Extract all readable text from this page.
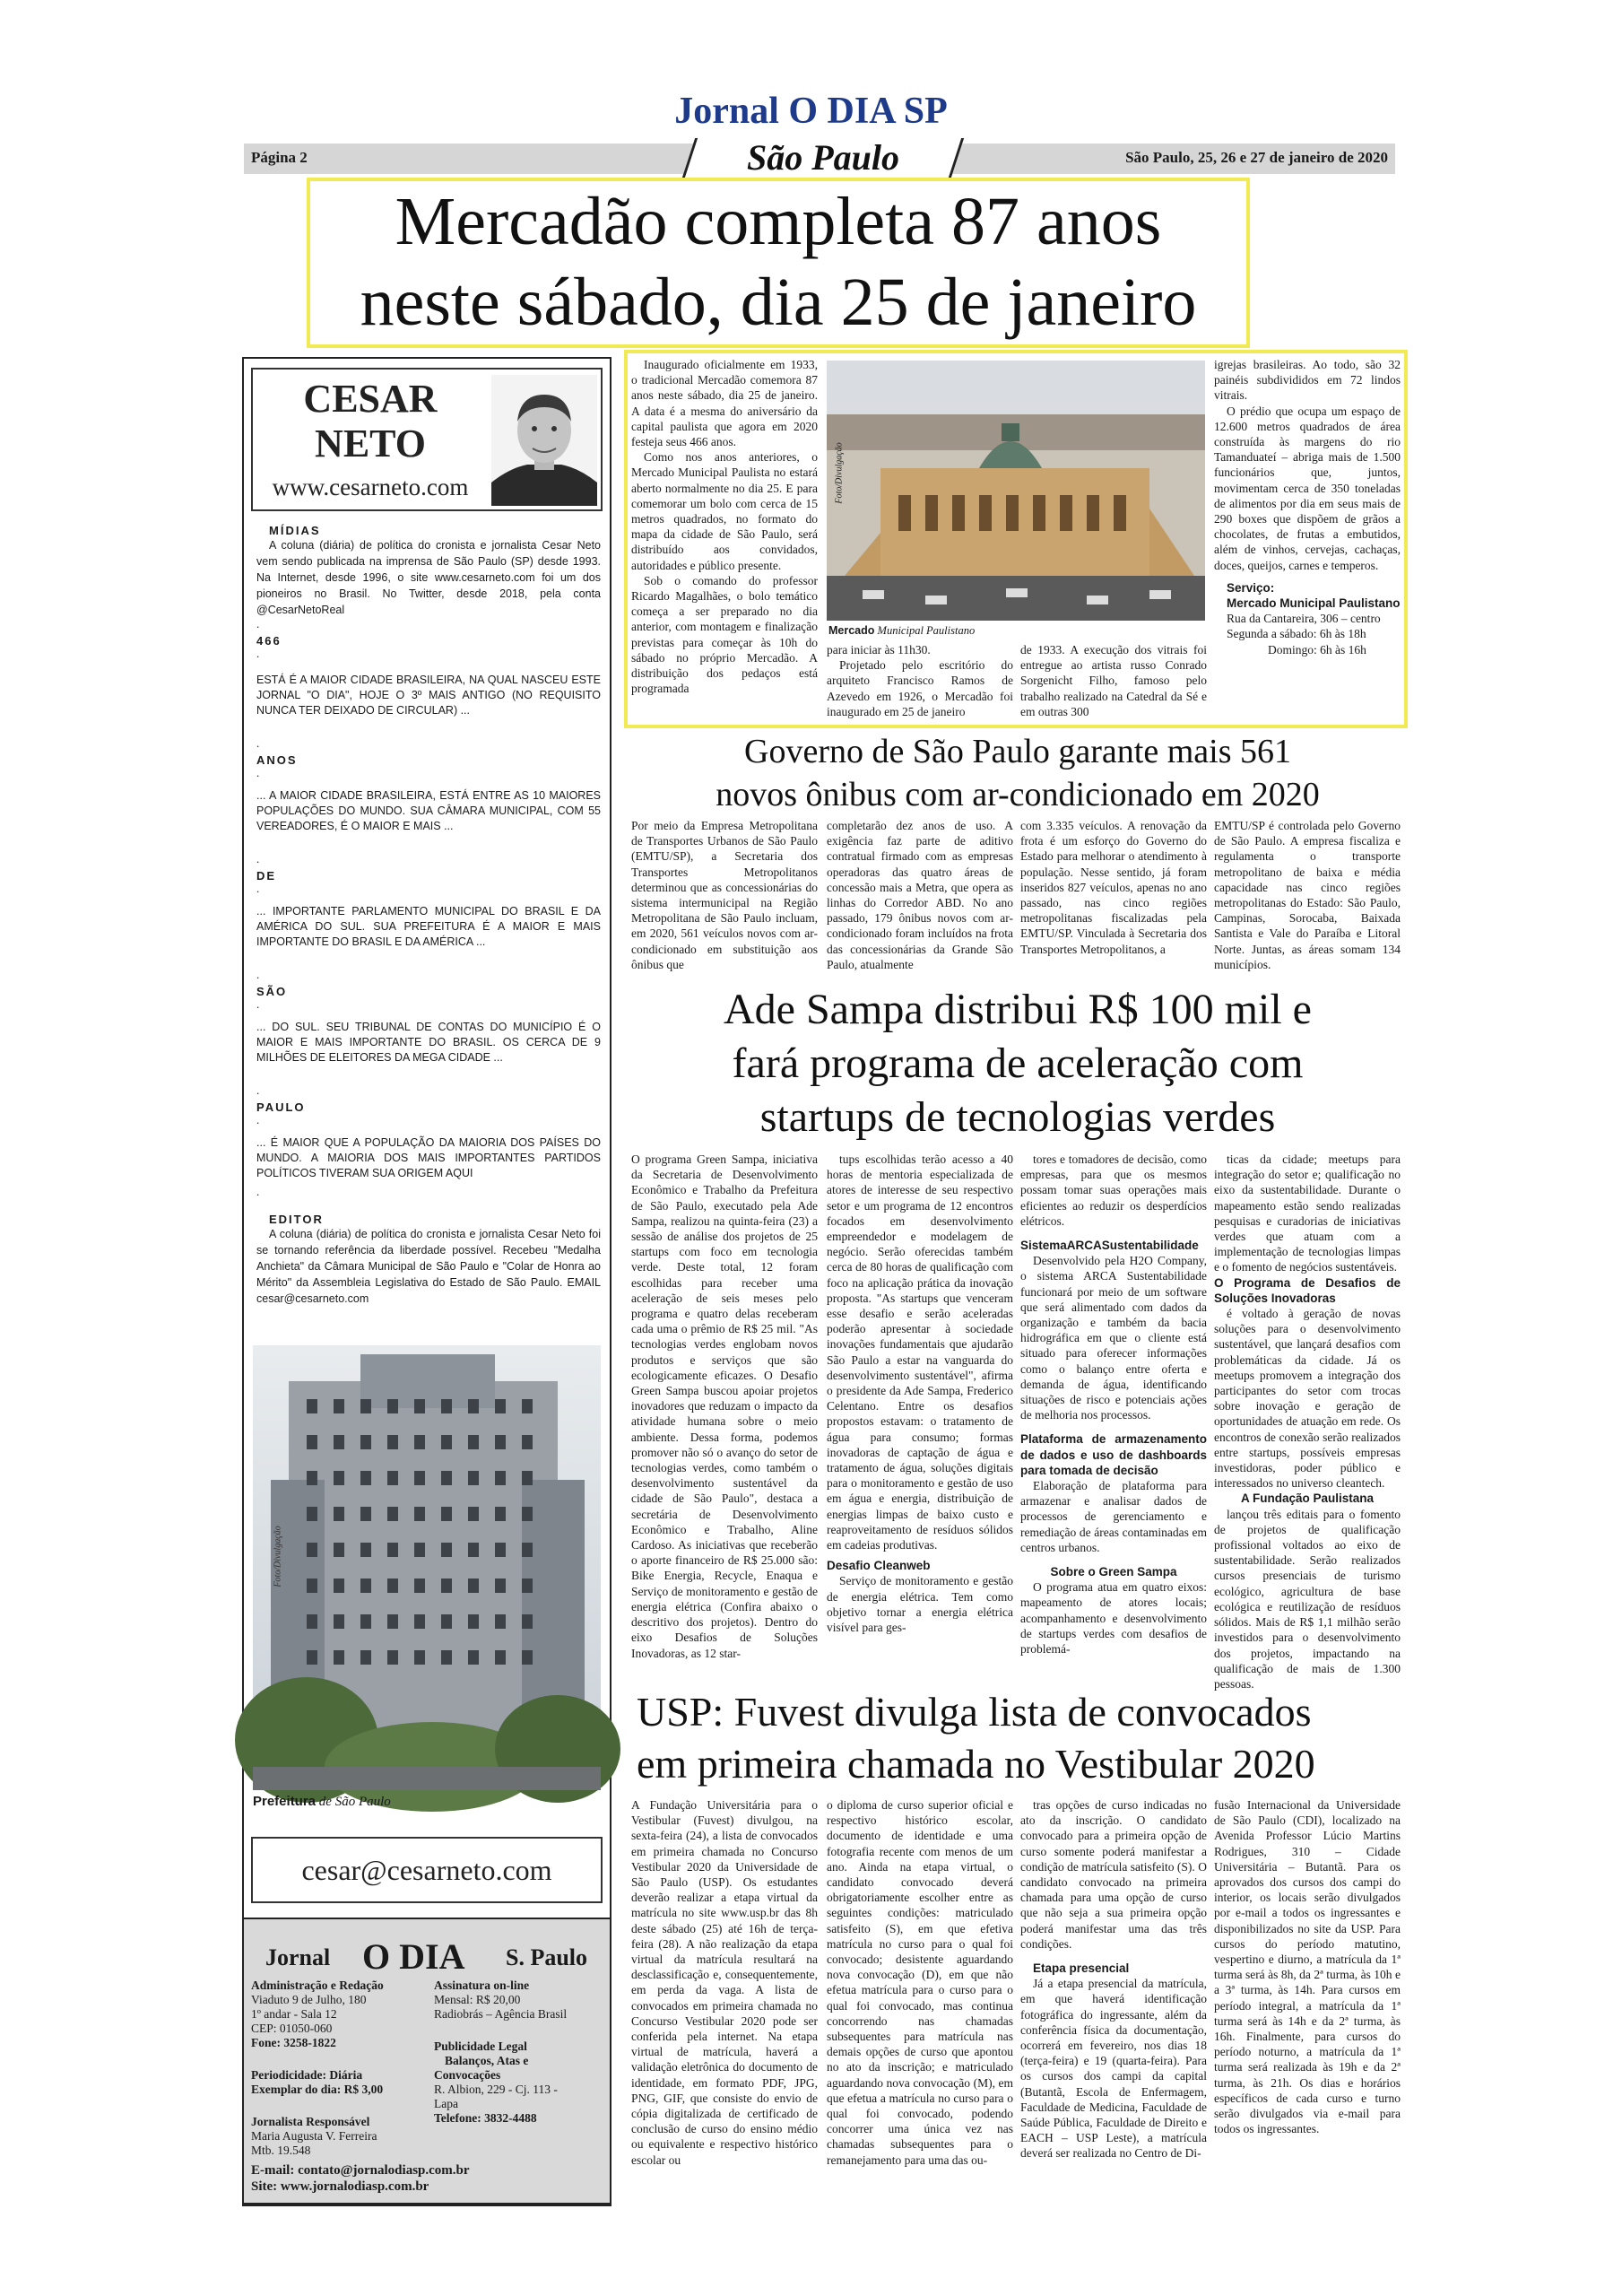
Jornal O DIA SP
Página 2	São Paulo, 25, 26 e 27 de janeiro de 2020
São Paulo
Mercadão completa 87 anos
neste sábado, dia 25 de janeiro
CESAR
NETO
www.cesarneto.com
MÍDIAS

A coluna (diária) de política do cronista e jornalista Cesar Neto vem sendo publicada na imprensa de São Paulo (SP) desde 1993. Na Internet, desde 1996, o site www.cesarneto.com foi um dos pioneiros no Brasil. No Twitter, desde 2018, pela conta @CesarNetoReal

.
466
.

ESTÁ É A MAIOR CIDADE BRASILEIRA, NA QUAL NASCEU ESTE JORNAL "O DIA", HOJE O 3º MAIS ANTIGO (NO REQUISITO NUNCA TER DEIXADO DE CIRCULAR) ...

.
ANOS
.

... A MAIOR CIDADE BRASILEIRA, ESTÁ ENTRE AS 10 MAIORES POPULAÇÕES DO MUNDO. SUA CÂMARA MUNICIPAL, COM 55 VEREADORES, É O MAIOR E MAIS ...

.
DE
.

... IMPORTANTE PARLAMENTO MUNICIPAL DO BRASIL E DA AMÉRICA DO SUL. SUA PREFEITURA É A MAIOR E MAIS IMPORTANTE DO BRASIL E DA AMÉRICA ...

.
SÃO
.

... DO SUL. SEU TRIBUNAL DE CONTAS DO MUNICÍPIO É O MAIOR E MAIS IMPORTANTE DO BRASIL. OS CERCA DE 9 MILHÕES DE ELEITORES DA MEGA CIDADE ...

.
PAULO
.

... É MAIOR QUE A POPULAÇÃO DA MAIORIA DOS PAÍSES DO MUNDO. A MAIORIA DOS MAIS IMPORTANTES PARTIDOS POLÍTICOS TIVERAM SUA ORIGEM AQUI

.
EDITOR

A coluna (diária) de política do cronista e jornalista Cesar Neto foi se tornando referência da liberdade possível. Recebeu "Medalha Anchieta" da Câmara Municipal de São Paulo e "Colar de Honra ao Mérito" da Assembleia Legislativa do Estado de São Paulo. EMAIL cesar@cesarneto.com

Foto/Divulgação
Prefeitura de São Paulo
cesar@cesarneto.com
Jornal O DIA S. Paulo
Administração e Redação
Viaduto 9 de Julho, 180
1º andar - Sala 12
CEP: 01050-060
Fone: 3258-1822
Periodicidade: Diária
Exemplar do dia: R$ 3,00
Jornalista Responsável
Maria Augusta V. Ferreira
Mtb. 19.548
Assinatura on-line
Mensal: R$ 20,00
Radiobrás – Agência Brasil
Publicidade Legal
Balanços, Atas e
Convocações
R. Albion, 229 - Cj. 113 -
Lapa
Telefone: 3832-4488
E-mail: contato@jornalodiasp.com.br
Site: www.jornalodiasp.com.br

Inaugurado oficialmente em 1933, o tradicional Mercadão comemora 87 anos neste sábado, dia 25 de janeiro. A data é a mesma do aniversário da capital paulista que agora em 2020 festeja seus 466 anos.

Como nos anos anteriores, o Mercado Municipal Paulista no estará aberto normalmente no dia 25. E para comemorar um bolo com cerca de 15 metros quadrados, no formato do mapa da cidade de São Paulo, será distribuído aos convidados, autoridades e público presente.

Sob o comando do professor Ricardo Magalhães, o bolo temático começa a ser preparado no dia anterior, com montagem e finalização previstas para começar às 10h do sábado no próprio Mercadão. A distribuição dos pedaços está programada

Foto/Divulgação
Mercado Municipal Paulistano

para iniciar às 11h30.

Projetado pelo escritório do arquiteto Francisco Ramos de Azevedo em 1926, o Mercadão foi inaugurado em 25 de janeiro

de 1933. A execução dos vitrais foi entregue ao artista russo Conrado Sorgenicht Filho, famoso pelo trabalho realizado na Catedral da Sé e em outras 300

igrejas brasileiras. Ao todo, são 32 painéis subdivididos em 72 lindos vitrais.

O prédio que ocupa um espaço de 12.600 metros quadrados de área construída às margens do rio Tamanduateí – abriga mais de 1.500 funcionários que, juntos, movimentam cerca de 350 toneladas de alimentos por dia em seus mais de 290 boxes que dispõem de grãos a chocolates, de frutas a embutidos, além de vinhos, cervejas, cachaças, doces, queijos, carnes e temperos.

Serviço:
Mercado Municipal Paulistano
Rua da Cantareira, 306 – centro
Segunda a sábado: 6h às 18h
Domingo: 6h às 16h
Governo de São Paulo garante mais 561
novos ônibus com ar-condicionado em 2020
Por meio da Empresa Metropolitana de Transportes Urbanos de São Paulo (EMTU/SP), a Secretaria dos Transportes Metropolitanos determinou que as concessionárias do sistema intermunicipal na Região Metropolitana de São Paulo incluam, em 2020, 561 veículos novos com ar-condicionado em substituição aos ônibus que
completarão dez anos de uso. A exigência faz parte de aditivo contratual firmado com as empresas operadoras das quatro áreas de concessão mais a Metra, que opera as linhas do Corredor ABD. No ano passado, 179 ônibus novos com ar-condicionado foram incluídos na frota das concessionárias da Grande São Paulo, atualmente
com 3.335 veículos. A renovação da frota é um esforço do Governo do Estado para melhorar o atendimento à população. Nesse sentido, já foram inseridos 827 veículos, apenas no ano passado, nas cinco regiões metropolitanas fiscalizadas pela EMTU/SP. Vinculada à Secretaria dos Transportes Metropolitanos, a
EMTU/SP é controlada pelo Governo de São Paulo. A empresa fiscaliza e regulamenta o transporte metropolitano de baixa e média capacidade nas cinco regiões metropolitanas do Estado: São Paulo, Campinas, Sorocaba, Baixada Santista e Vale do Paraíba e Litoral Norte. Juntas, as áreas somam 134 municípios.
Ade Sampa distribui R$ 100 mil e
fará programa de aceleração com
startups de tecnologias verdes
O programa Green Sampa, iniciativa da Secretaria de Desenvolvimento Econômico e Trabalho da Prefeitura de São Paulo, executado pela Ade Sampa, realizou na quinta-feira (23) a sessão de análise dos projetos de 25 startups com foco em tecnologia verde. Deste total, 12 foram escolhidas para receber uma aceleração de seis meses pelo programa e quatro delas receberam cada uma o prêmio de R$ 25 mil. "As tecnologias verdes englobam novos produtos e serviços que são ecologicamente eficazes. O Desafio Green Sampa buscou apoiar projetos inovadores que reduzam o impacto da atividade humana sobre o meio ambiente. Dessa forma, podemos promover não só o avanço do setor de tecnologias verdes, como também o desenvolvimento sustentável da cidade de São Paulo", destaca a secretária de Desenvolvimento Econômico e Trabalho, Aline Cardoso. As iniciativas que receberão o aporte financeiro de R$ 25.000 são: Bike Energia, Recycle, Enaqua e Serviço de monitoramento e gestão de energia elétrica (Confira abaixo o descritivo dos projetos). Dentro do eixo Desafios de Soluções Inovadoras, as 12 star-

tups escolhidas terão acesso a 40 horas de mentoria especializada de atores de interesse de seu respectivo setor e um programa de 12 encontros focados em desenvolvimento empreendedor e modelagem de negócio. Serão oferecidas também cerca de 80 horas de qualificação com foco na aplicação prática da inovação proposta. "As startups que venceram esse desafio e serão aceleradas poderão apresentar à sociedade inovações fundamentais que ajudarão São Paulo a estar na vanguarda do desenvolvimento sustentável", afirma o presidente da Ade Sampa, Frederico Celentano. Entre os desafios propostos estavam: o tratamento de água para consumo; formas inovadoras de captação de água e tratamento de água, soluções digitais para o monitoramento e gestão de uso em água e energia, distribuição de energias limpas de baixo custo e reaproveitamento de resíduos sólidos em cadeias produtivas.

Desafio Cleanweb

Serviço de monitoramento e gestão de energia elétrica. Tem como objetivo tornar a energia elétrica visível para ges-

tores e tomadores de decisão, como empresas, para que os mesmos possam tomar suas operações mais eficientes ao reduzir os desperdícios elétricos.

SistemaARCASustentabilidade

Desenvolvido pela H2O Company, o sistema ARCA Sustentabilidade funcionará por meio de um software que será alimentado com dados da organização e também da bacia hidrográfica em que o cliente está situado para oferecer informações como o balanço entre oferta e demanda de água, identificando situações de risco e potenciais ações de melhoria nos processos.

Plataforma de armazenamento de dados e uso de dashboards para tomada de decisão

Elaboração de plataforma para armazenar e analisar dados de processos de gerenciamento e remediação de áreas contaminadas em centros urbanos.

Sobre o Green Sampa

O programa atua em quatro eixos: mapeamento de atores locais; acompanhamento e desenvolvimento de startups verdes com desafios de problemá-

ticas da cidade; meetups para integração do setor e; qualificação no eixo da sustentabilidade. Durante o mapeamento estão sendo realizadas pesquisas e curadorias de iniciativas verdes que atuam com a implementação de tecnologias limpas e o fomento de negócios sustentáveis.

O Programa de Desafios de Soluções Inovadoras

é voltado à geração de novas soluções para o desenvolvimento sustentável, que lançará desafios com problemáticas da cidade. Já os meetups promovem a integração dos participantes do setor com trocas sobre inovação e geração de oportunidades de atuação em rede. Os encontros de conexão serão realizados entre startups, possíveis empresas investidoras, poder público e interessados no universo cleantech.

A Fundação Paulistana

lançou três editais para o fomento de projetos de qualificação profissional voltados ao eixo de sustentabilidade. Serão realizados cursos presenciais de turismo ecológico, agricultura de base ecológica e reutilização de resíduos sólidos. Mais de R$ 1,1 milhão serão investidos para o desenvolvimento dos projetos, impactando na qualificação de mais de 1.300 pessoas.

USP: Fuvest divulga lista de convocados
em primeira chamada no Vestibular 2020
A Fundação Universitária para o Vestibular (Fuvest) divulgou, na sexta-feira (24), a lista de convocados em primeira chamada no Concurso Vestibular 2020 da Universidade de São Paulo (USP). Os estudantes deverão realizar a etapa virtual da matrícula no site www.usp.br das 8h deste sábado (25) até 16h de terça-feira (28). A não realização da etapa virtual da matrícula resultará na desclassificação e, consequentemente, em perda da vaga. A lista de convocados em primeira chamada no Concurso Vestibular 2020 pode ser conferida pela internet. Na etapa virtual de matrícula, haverá a validação eletrônica do documento de identidade, em formato PDF, JPG, PNG, GIF, que consiste do envio de cópia digitalizada de certificado de conclusão de curso do ensino médio ou equivalente e respectivo histórico escolar ou
o diploma de curso superior oficial e respectivo histórico escolar, documento de identidade e uma fotografia recente com menos de um ano. Ainda na etapa virtual, o candidato convocado deverá obrigatoriamente escolher entre as seguintes condições: matriculado satisfeito (S), em que efetiva matrícula no curso para o qual foi convocado; desistente aguardando nova convocação (D), em que não efetua matrícula para o curso para o qual foi convocado, mas continua concorrendo nas chamadas subsequentes para matrícula nas demais opções de curso que apontou no ato da inscrição; e matriculado aguardando nova convocação (M), em que efetua a matrícula no curso para o qual foi convocado, podendo concorrer uma única vez nas chamadas subsequentes para o remanejamento para uma das ou-

tras opções de curso indicadas no ato da inscrição. O candidato convocado para a primeira opção de curso somente poderá manifestar a condição de matrícula satisfeito (S). O candidato convocado na primeira chamada para uma opção de curso que não seja a sua primeira opção poderá manifestar uma das três condições.

Etapa presencial

Já a etapa presencial da matrícula, em que haverá identificação fotográfica do ingressante, além da conferência física da documentação, ocorrerá em fevereiro, nos dias 18 (terça-feira) e 19 (quarta-feira). Para os cursos dos campi da capital (Butantã, Escola de Enfermagem, Faculdade de Medicina, Faculdade de Saúde Pública, Faculdade de Direito e EACH – USP Leste), a matrícula deverá ser realizada no Centro de Di-

fusão Internacional da Universidade de São Paulo (CDI), localizado na Avenida Professor Lúcio Martins Rodrigues, 310 – Cidade Universitária – Butantã. Para os aprovados dos cursos dos campi do interior, os locais serão divulgados por e-mail a todos os ingressantes e disponibilizados no site da USP. Para cursos do período matutino, vespertino e diurno, a matrícula da 1ª turma será às 8h, da 2ª turma, às 10h e a 3ª turma, às 14h. Para cursos em período integral, a matrícula da 1ª turma será às 14h e da 2ª turma, às 16h. Finalmente, para cursos do período noturno, a matrícula da 1ª turma será realizada às 19h e da 2ª turma, às 21h. Os dias e horários específicos de cada curso e turno serão divulgados via e-mail para todos os ingressantes.
